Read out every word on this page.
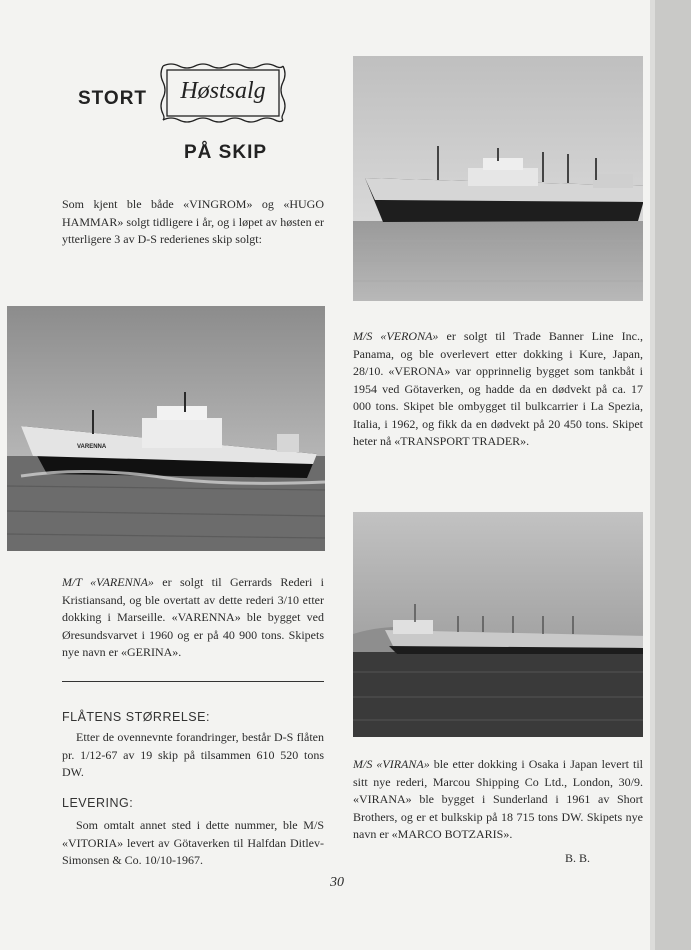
STORT	Høstsalg
PÅ SKIP
Som kjent ble både «VINGROM» og «HUGO HAMMAR» solgt tidligere i år, og i løpet av høsten er ytterligere 3 av D-S rederienes skip solgt:
M/S «VERONA» er solgt til Trade Banner Line Inc., Panama, og ble overlevert etter dokking i Kure, Japan, 28/10. «VERONA» var opprinnelig bygget som tankbåt i 1954 ved Götaverken, og hadde da en dødvekt på ca. 17 000 tons. Skipet ble ombygget til bulkcarrier i La Spezia, Italia, i 1962, og fikk da en dødvekt på 20 450 tons. Skipet heter nå «TRANSPORT TRADER».
VARENNA
M/T «VARENNA» er solgt til Gerrards Rederi i Kristiansand, og ble overtatt av dette rederi 3/10 etter dokking i Marseille. «VARENNA» ble bygget ved Øresundsvarvet i 1960 og er på 40 900 tons. Skipets nye navn er «GERINA».
M/S «VIRANA» ble etter dokking i Osaka i Japan levert til sitt nye rederi, Marcou Shipping Co Ltd., London, 30/9. «VIRANA» ble bygget i Sunderland i 1961 av Short Brothers, og er et bulkskip på 18 715 tons DW. Skipets nye navn er «MARCO BOTZARIS».
FLÅTENS STØRRELSE:
Etter de ovennevnte forandringer, består D-S flåten pr. 1/12-67 av 19 skip på tilsammen 610 520 tons DW.
LEVERING:
Som omtalt annet sted i dette nummer, ble M/S «VITORIA» levert av Götaverken til Halfdan Ditlev-Simonsen & Co. 10/10-1967.	B. B.
30
